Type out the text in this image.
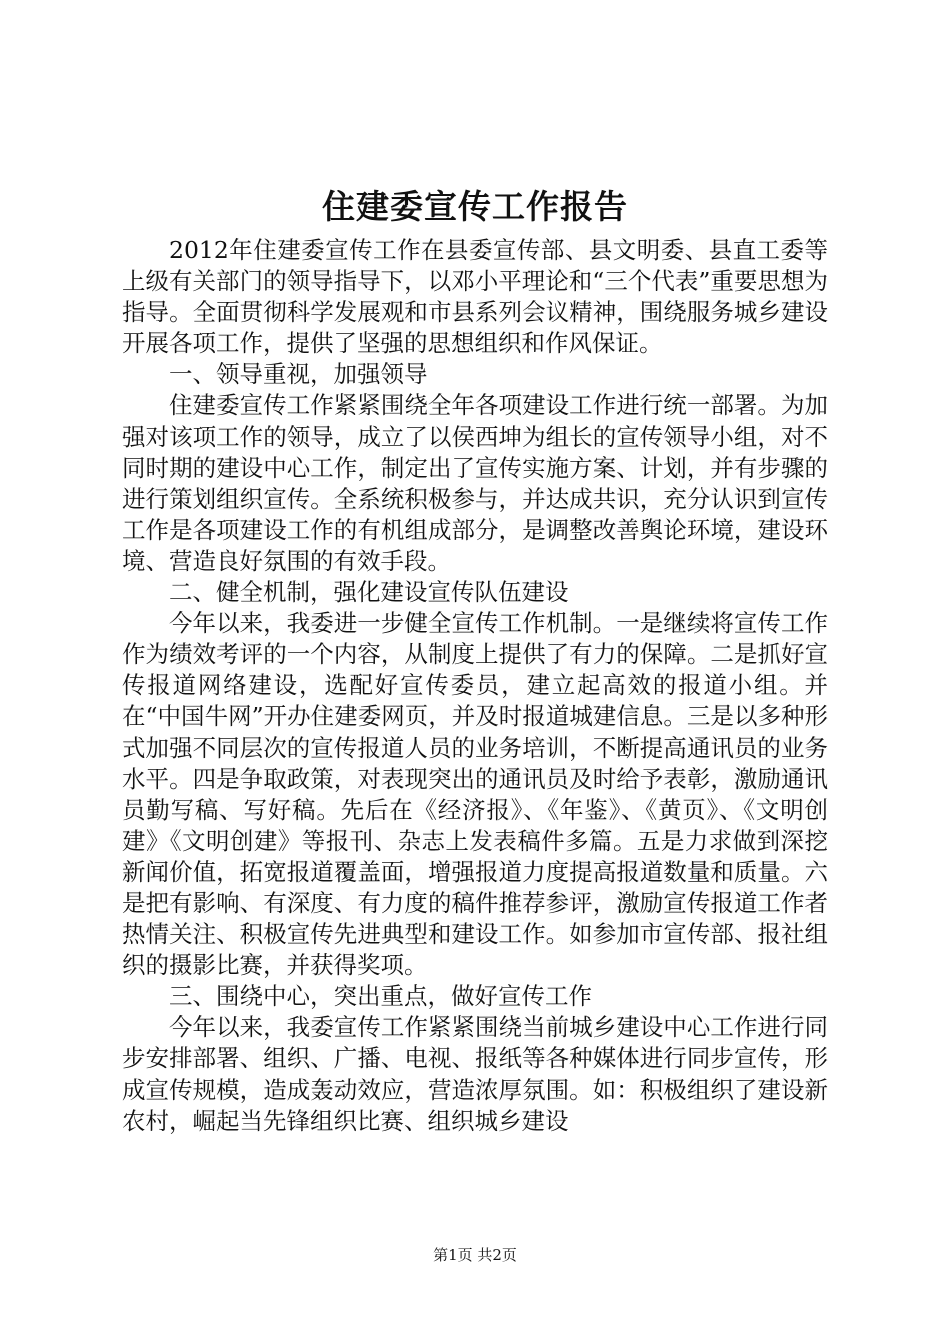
住建委宣传工作报告

2012年住建委宣传工作在县委宣传部、县文明委、县直工委等上级有关部门的领导指导下，以邓小平理论和“三个代表”重要思想为指导。全面贯彻科学发展观和市县系列会议精神，围绕服务城乡建设开展各项工作，提供了坚强的思想组织和作风保证。

一、领导重视，加强领导

住建委宣传工作紧紧围绕全年各项建设工作进行统一部署。为加强对该项工作的领导，成立了以侯西坤为组长的宣传领导小组，对不同时期的建设中心工作，制定出了宣传实施方案、计划，并有步骤的进行策划组织宣传。全系统积极参与，并达成共识，充分认识到宣传工作是各项建设工作的有机组成部分，是调整改善舆论环境，建设环境、营造良好氛围的有效手段。

二、健全机制，强化建设宣传队伍建设

今年以来，我委进一步健全宣传工作机制。一是继续将宣传工作作为绩效考评的一个内容，从制度上提供了有力的保障。二是抓好宣传报道网络建设，选配好宣传委员，建立起高效的报道小组。并在“中国牛网”开办住建委网页，并及时报道城建信息。三是以多种形式加强不同层次的宣传报道人员的业务培训，不断提高通讯员的业务水平。四是争取政策，对表现突出的通讯员及时给予表彰，激励通讯员勤写稿、写好稿。先后在《经济报》、《年鉴》、《黄页》、《文明创建》《文明创建》等报刊、杂志上发表稿件多篇。五是力求做到深挖新闻价值，拓宽报道覆盖面，增强报道力度提高报道数量和质量。六是把有影响、有深度、有力度的稿件推荐参评，激励宣传报道工作者热情关注、积极宣传先进典型和建设工作。如参加市宣传部、报社组织的摄影比赛，并获得奖项。

三、围绕中心，突出重点，做好宣传工作

今年以来，我委宣传工作紧紧围绕当前城乡建设中心工作进行同步安排部署、组织、广播、电视、报纸等各种媒体进行同步宣传，形成宣传规模，造成轰动效应，营造浓厚氛围。如：积极组织了建设新农村，崛起当先锋组织比赛、组织城乡建设

第1页 共2页
